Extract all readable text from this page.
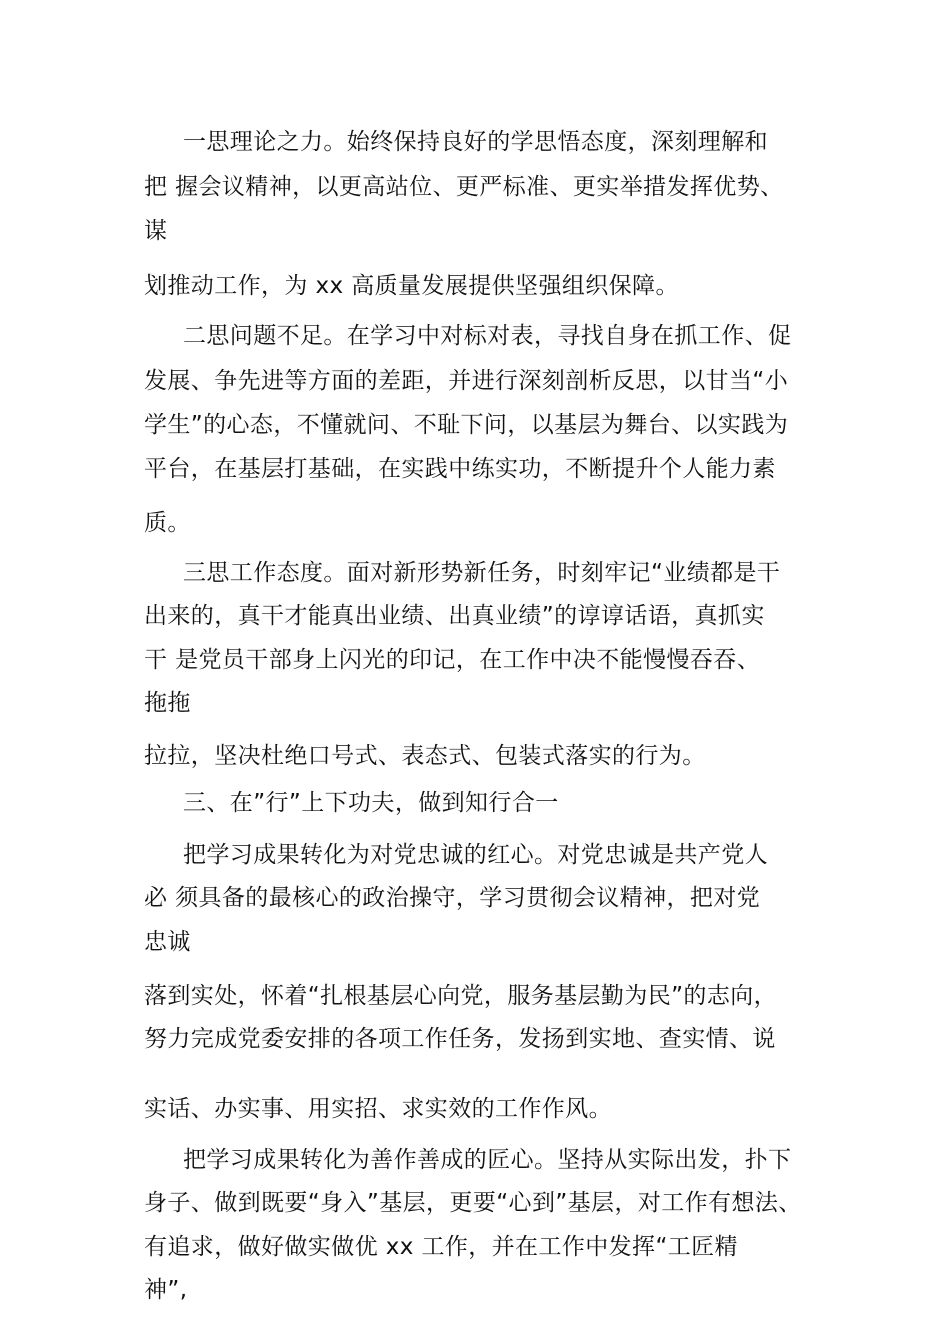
一思理论之力。始终保持良好的学思悟态度，深刻理解和
把 握会议精神，以更高站位、更严标准、更实举措发挥优势、
谋
划推动工作，为 xx 高质量发展提供坚强组织保障。
二思问题不足。在学习中对标对表，寻找自身在抓工作、促
发展、争先进等方面的差距，并进行深刻剖析反思，以甘当“小
学生”的心态，不懂就问、不耻下问，以基层为舞台、以实践为
平台，在基层打基础，在实践中练实功，不断提升个人能力素
质。
三思工作态度。面对新形势新任务，时刻牢记“业绩都是干
出来的，真干才能真出业绩、出真业绩”的谆谆话语，真抓实
干 是党员干部身上闪光的印记，在工作中决不能慢慢吞吞、
拖拖
拉拉，坚决杜绝口号式、表态式、包装式落实的行为。
三、在”行”上下功夫，做到知行合一
把学习成果转化为对党忠诚的红心。对党忠诚是共产党人
必 须具备的最核心的政治操守，学习贯彻会议精神，把对党
忠诚
落到实处，怀着“扎根基层心向党，服务基层勤为民”的志向，
努力完成党委安排的各项工作任务，发扬到实地、查实情、说
实话、办实事、用实招、求实效的工作作风。
把学习成果转化为善作善成的匠心。坚持从实际出发，扑下
身子、做到既要“身入”基层，更要“心到”基层，对工作有想法、
有追求，做好做实做优 xx 工作，并在工作中发挥“工匠精
神”,
